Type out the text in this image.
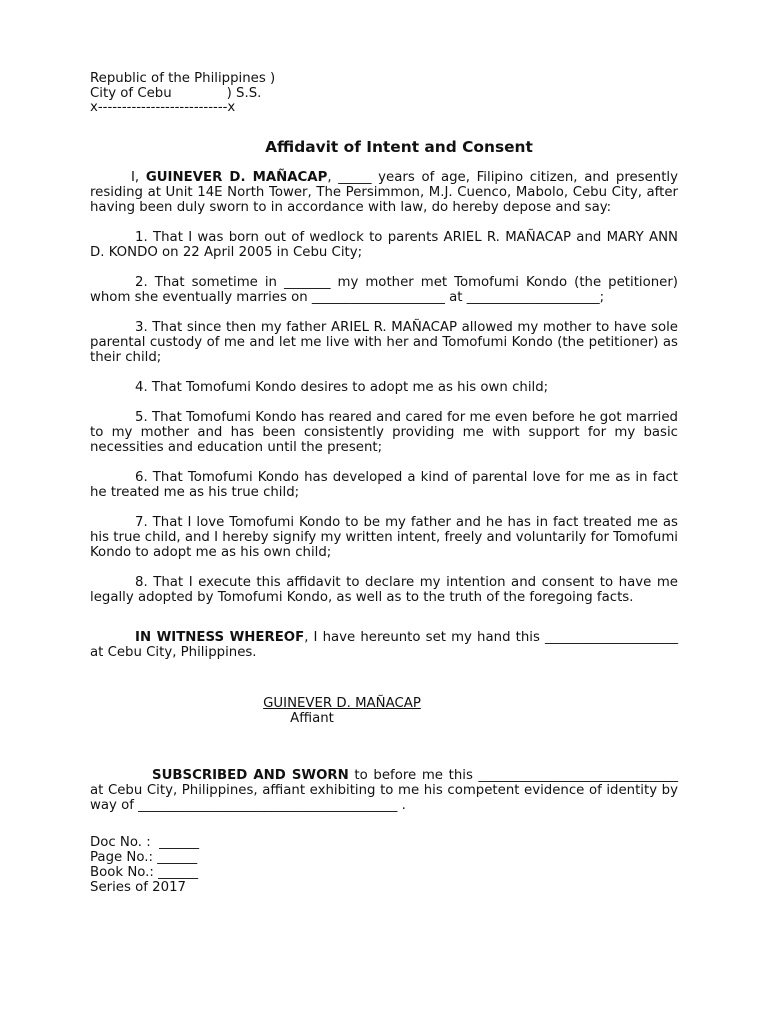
Republic of the Philippines )
City of Cebu             ) S.S.
x---------------------------x
Affidavit of Intent and Consent

I, GUINEVER D. MAÑACAP, _____ years of age, Filipino citizen, and presently residing at Unit 14E North Tower, The Persimmon, M.J. Cuenco, Mabolo, Cebu City, after having been duly sworn to in accordance with law, do hereby depose and say:

1. That I was born out of wedlock to parents ARIEL R. MAÑACAP and MARY ANN D. KONDO on 22 April 2005 in Cebu City;

2. That sometime in _______ my mother met Tomofumi Kondo (the petitioner) whom she eventually marries on ____________________ at ____________________;

3. That since then my father ARIEL R. MAÑACAP allowed my mother to have sole parental custody of me and let me live with her and Tomofumi Kondo (the petitioner) as their child;

4. That Tomofumi Kondo desires to adopt me as his own child;

5. That Tomofumi Kondo has reared and cared for me even before he got married to my mother and has been consistently providing me with support for my basic necessities and education until the present;

6. That Tomofumi Kondo has developed a kind of parental love for me as in fact he treated me as his true child;

7. That I love Tomofumi Kondo to be my father and he has in fact treated me as his true child, and I hereby signify my written intent, freely and voluntarily for Tomofumi Kondo to adopt me as his own child;

8. That I execute this affidavit to declare my intention and consent to have me legally adopted by Tomofumi Kondo, as well as to the truth of the foregoing facts.

IN WITNESS WHEREOF, I have hereunto set my hand this ____________________ at Cebu City, Philippines.

GUINEVER D. MAÑACAP
Affiant

SUBSCRIBED AND SWORN to before me this ______________________________ at Cebu City, Philippines, affiant exhibiting to me his competent evidence of identity by way of _______________________________________ .

Doc No. :  ______
Page No.: ______
Book No.: ______
Series of 2017
